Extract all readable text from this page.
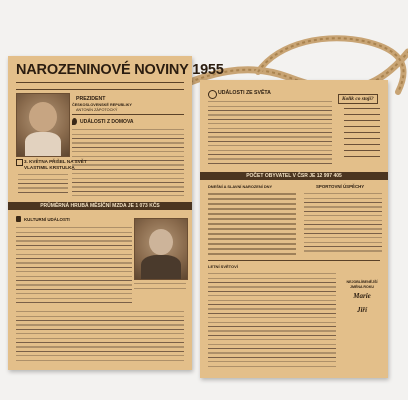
NAROZENINOVÉ NOVINY 1955
PREZIDENT
ČESKOSLOVENSKÉ REPUBLIKY
ANTONÍN ZÁPOTOCKÝ
UDÁLOSTI Z DOMOVA
3. KVĚTNA PŘIŠEL NA SVĚT
VLASTIMIL KRSTULKA
PRŮMĚRNÁ HRUBÁ MĚSÍČNÍ MZDA JE 1 073 KČS
KULTURNÍ UDÁLOSTI
UDÁLOSTI ZE SVĚTA
Kolik co stojí?
POČET OBYVATEL V ČSR JE 12 997 405
DNEŠNÍ A SLAVNÍ NAROZENÍ DNY	SPORTOVNÍ ÚSPĚCHY
LETNÍ SVĚTOVÍ
NEJOBLÍBENĚJŠÍ
JMÉNA ROKU
Marie
Jiří
